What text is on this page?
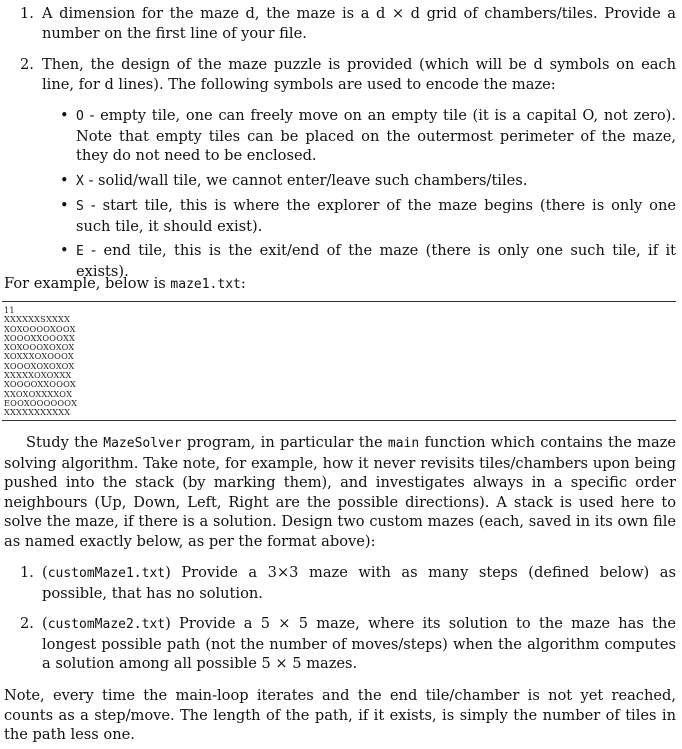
1. A dimension for the maze d, the maze is a d × d grid of chambers/tiles. Provide a number on the first line of your file.
2. Then, the design of the maze puzzle is provided (which will be d symbols on each line, for d lines). The following symbols are used to encode the maze:
• O - empty tile, one can freely move on an empty tile (it is a capital O, not zero). Note that empty tiles can be placed on the outermost perimeter of the maze, they do not need to be enclosed.
• X - solid/wall tile, we cannot enter/leave such chambers/tiles.
• S - start tile, this is where the explorer of the maze begins (there is only one such tile, it should exist).
• E - end tile, this is the exit/end of the maze (there is only one such tile, if it exists).
For example, below is maze1.txt:
11
XXXXXXSXXXX
XOXOOOOXOOX
XOOOXXOOOXX
XOXOOOXOXOX
XOXXXOXOOOX
XOOOXOXOXOX
XXXXXOXOXXX
XOOOOXXOOOX
XXOXOXXXXOX
EOOXOOOOOOX
XXXXXXXXXXX
Study the MazeSolver program, in particular the main function which contains the maze solving algorithm. Take note, for example, how it never revisits tiles/chambers upon being pushed into the stack (by marking them), and investigates always in a specific order neighbours (Up, Down, Left, Right are the possible directions). A stack is used here to solve the maze, if there is a solution. Design two custom mazes (each, saved in its own file as named exactly below, as per the format above):
1. (customMaze1.txt) Provide a 3×3 maze with as many steps (defined below) as possible, that has no solution.
2. (customMaze2.txt) Provide a 5 × 5 maze, where its solution to the maze has the longest possible path (not the number of moves/steps) when the algorithm computes a solution among all possible 5 × 5 mazes.
Note, every time the main-loop iterates and the end tile/chamber is not yet reached, counts as a step/move. The length of the path, if it exists, is simply the number of tiles in the path less one.
